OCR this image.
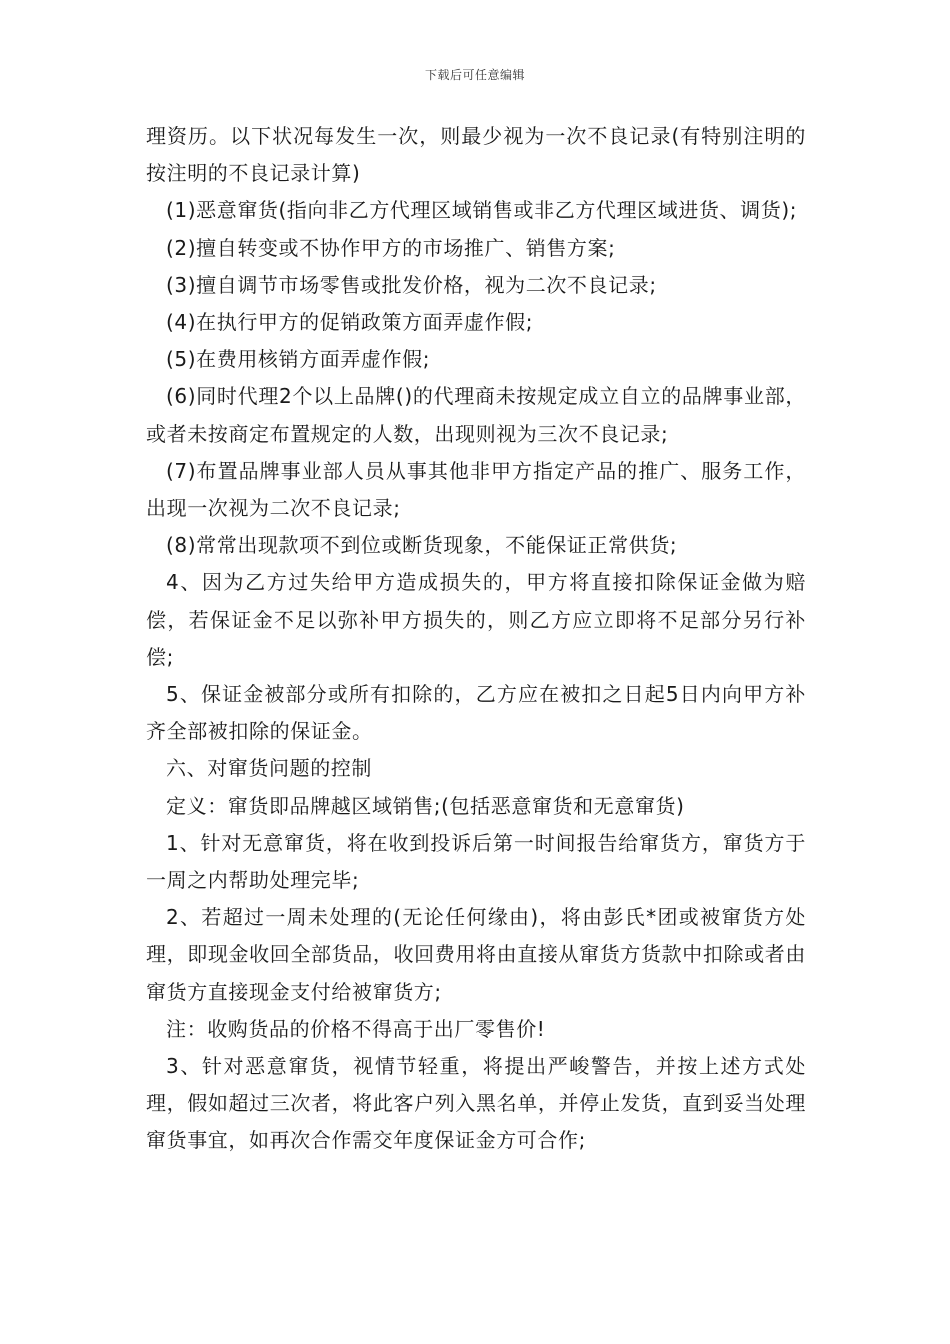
下载后可任意编辑

理资历。以下状况每发生一次，则最少视为一次不良记录(有特别注明的按注明的不良记录计算)

(1)恶意窜货(指向非乙方代理区域销售或非乙方代理区域进货、调货);

(2)擅自转变或不协作甲方的市场推广、销售方案;

(3)擅自调节市场零售或批发价格，视为二次不良记录;

(4)在执行甲方的促销政策方面弄虚作假;

(5)在费用核销方面弄虚作假;

(6)同时代理2个以上品牌()的代理商未按规定成立自立的品牌事业部，或者未按商定布置规定的人数，出现则视为三次不良记录;

(7)布置品牌事业部人员从事其他非甲方指定产品的推广、服务工作，出现一次视为二次不良记录;

(8)常常出现款项不到位或断货现象，不能保证正常供货;

4、因为乙方过失给甲方造成损失的，甲方将直接扣除保证金做为赔偿，若保证金不足以弥补甲方损失的，则乙方应立即将不足部分另行补偿;

5、保证金被部分或所有扣除的，乙方应在被扣之日起5日内向甲方补齐全部被扣除的保证金。

六、对窜货问题的控制

定义：窜货即品牌越区域销售;(包括恶意窜货和无意窜货)

1、针对无意窜货，将在收到投诉后第一时间报告给窜货方，窜货方于一周之内帮助处理完毕;

2、若超过一周未处理的(无论任何缘由)，将由彭氏*团或被窜货方处理，即现金收回全部货品，收回费用将由直接从窜货方货款中扣除或者由窜货方直接现金支付给被窜货方;

注：收购货品的价格不得高于出厂零售价!

3、针对恶意窜货，视情节轻重，将提出严峻警告，并按上述方式处理，假如超过三次者，将此客户列入黑名单，并停止发货，直到妥当处理窜货事宜，如再次合作需交年度保证金方可合作;
